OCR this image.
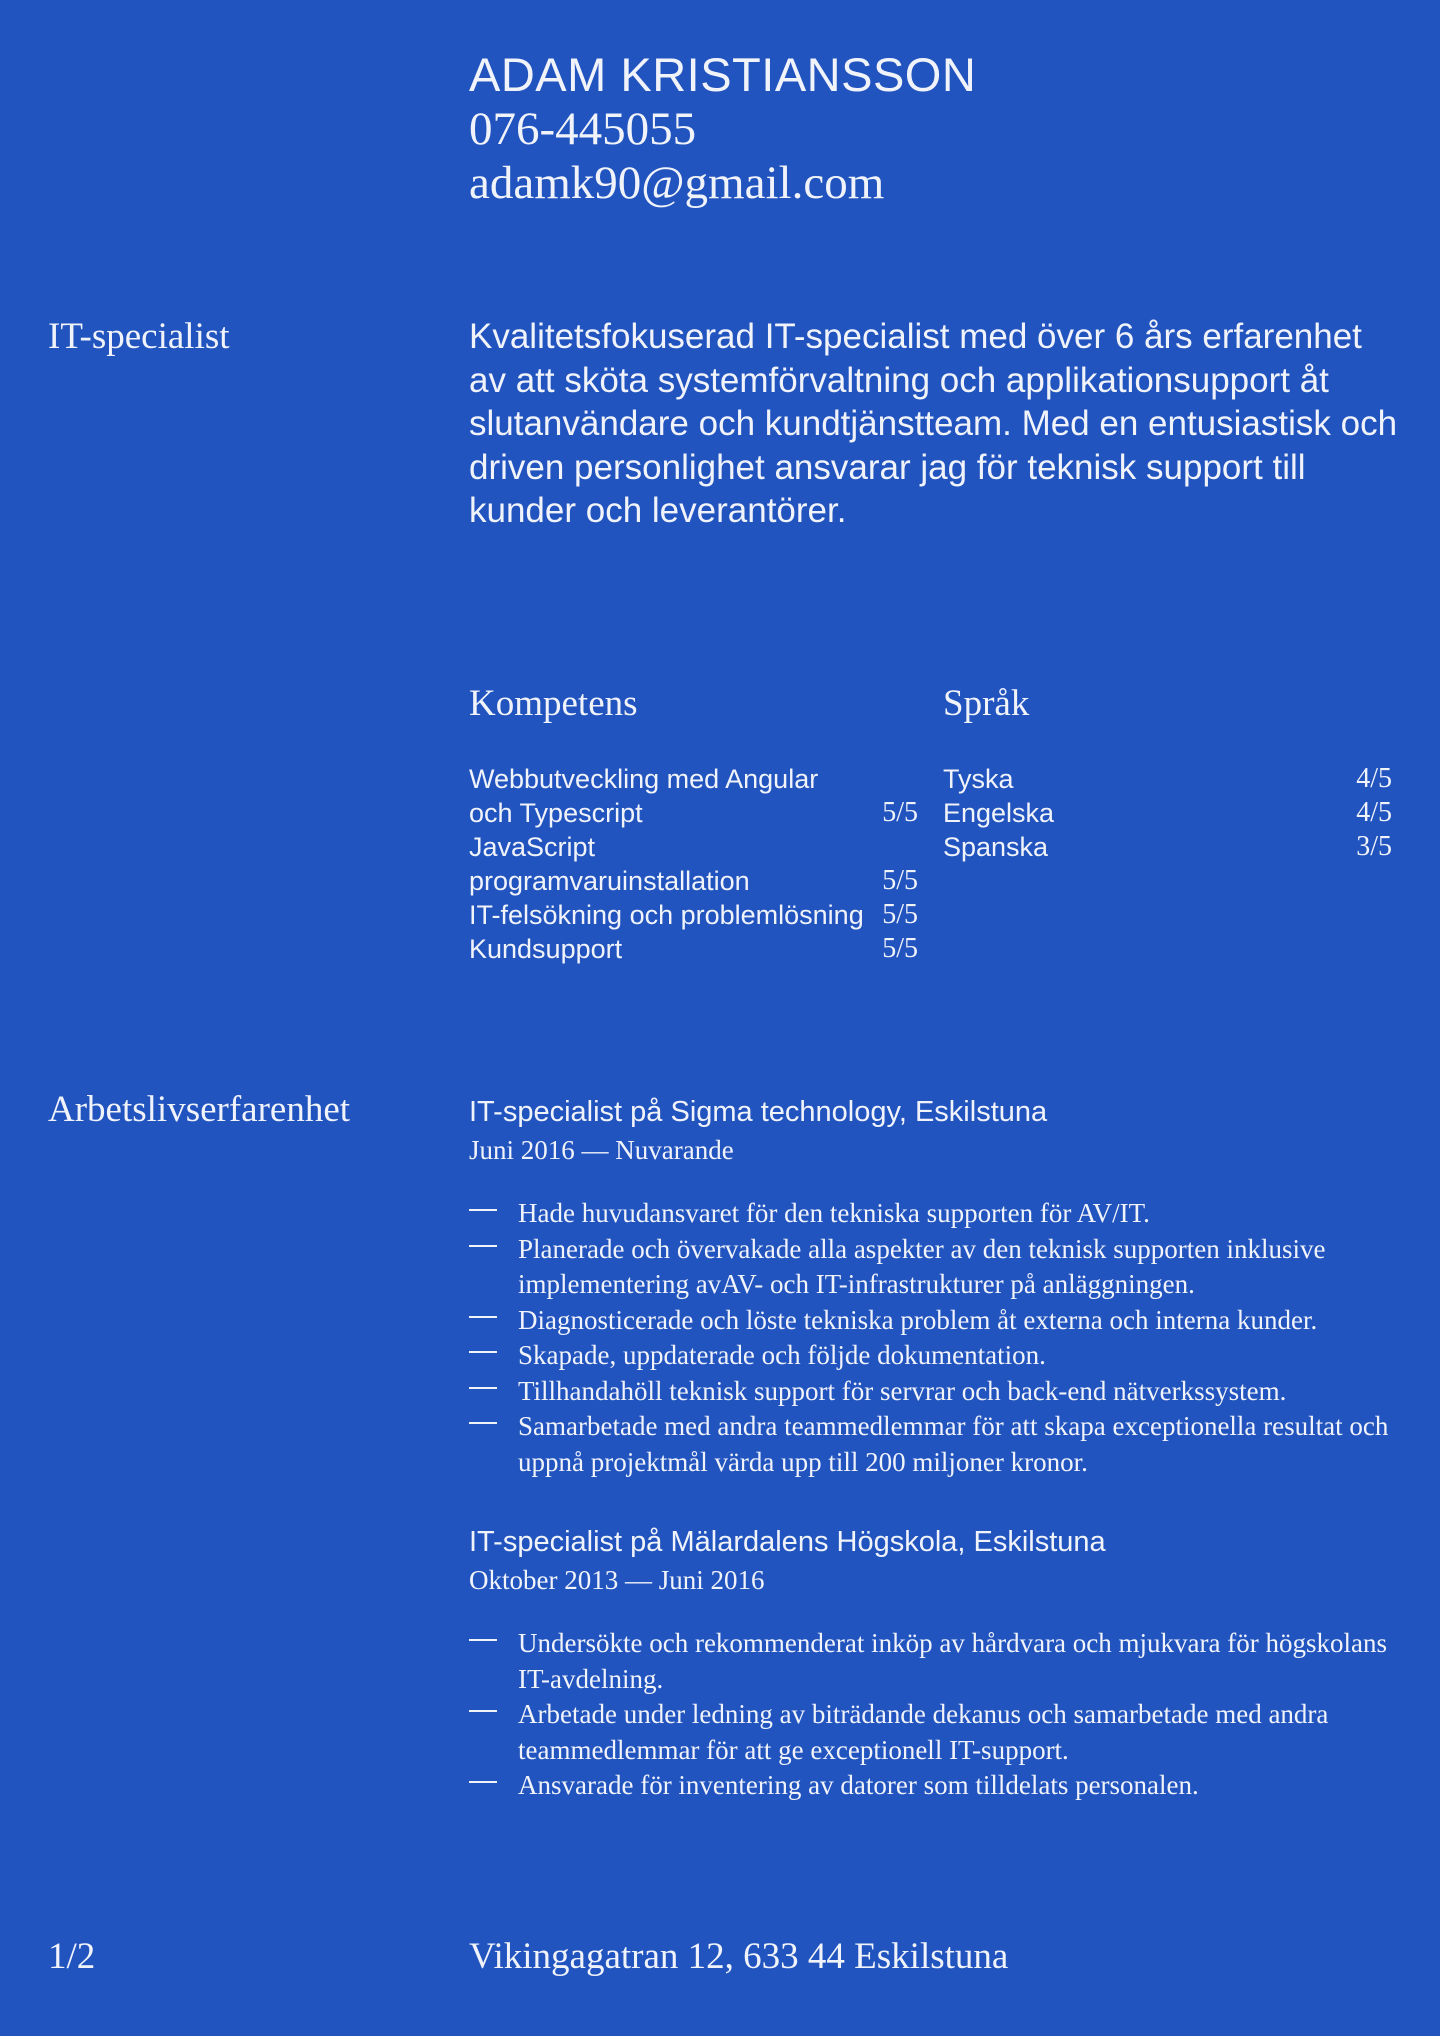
ADAM KRISTIANSSON
076-445055
adamk90@gmail.com
IT-specialist	Kvalitetsfokuserad IT-specialist med över 6 års erfarenhet av att sköta systemförvaltning och applikationsupport åt slutanvändare och kundtjänstteam. Med en entusiastisk och driven personlighet ansvarar jag för teknisk support till kunder och leverantörer.
Kompetens
Webbutveckling med Angular och Typescript	5/5
JavaScript programvaruinstallation	5/5
IT-felsökning och problemlösning 5/5
Kundsupport	5/5
Språk
Tyska	4/5
Engelska	4/5
Spanska	3/5
Arbetslivserfarenhet	IT-specialist på Sigma technology, Eskilstuna
Juni 2016 — Nuvarande
Hade huvudansvaret för den tekniska supporten för AV/IT.
Planerade och övervakade alla aspekter av den teknisk supporten inklusive implementering avAV- och IT-infrastrukturer på anläggningen.
Diagnosticerade och löste tekniska problem åt externa och interna kunder.
Skapade, uppdaterade och följde dokumentation.
Tillhandahöll teknisk support för servrar och back-end nätverkssystem.
Samarbetade med andra teammedlemmar för att skapa exceptionella resultat och uppnå projektmål värda upp till 200 miljoner kronor.
IT-specialist på Mälardalens Högskola, Eskilstuna
Oktober 2013 — Juni 2016
Undersökte och rekommenderat inköp av hårdvara och mjukvara för högskolans IT-avdelning.
Arbetade under ledning av biträdande dekanus och samarbetade med andra teammedlemmar för att ge exceptionell IT-support.
Ansvarade för inventering av datorer som tilldelats personalen.
1/2	Vikingagatran 12, 633 44 Eskilstuna
